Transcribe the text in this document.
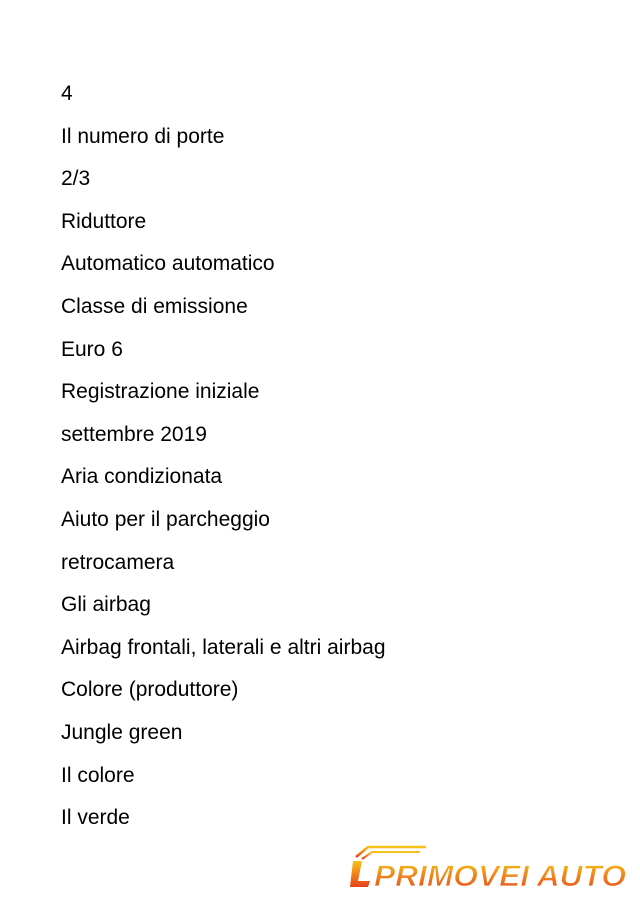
4
Il numero di porte
2/3
Riduttore
Automatico automatico
Classe di emissione
Euro 6
Registrazione iniziale
settembre 2019
Aria condizionata
Aiuto per il parcheggio
retrocamera
Gli airbag
Airbag frontali, laterali e altri airbag
Colore (produttore)
Jungle green
Il colore
Il verde
PRIMOVEI AUTO
